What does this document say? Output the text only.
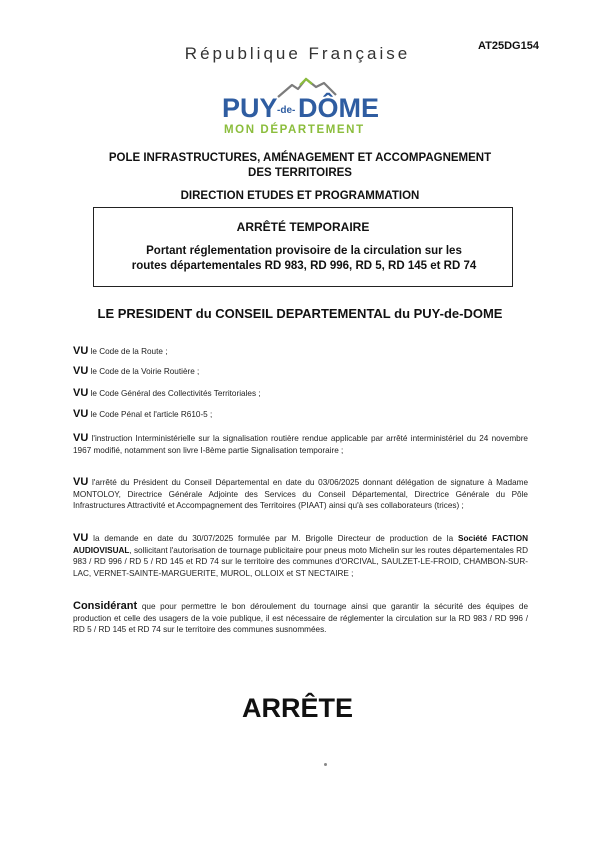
République Française	AT25DG154
PUY -de- DÔME
MON DÉPARTEMENT
POLE INFRASTRUCTURES, AMÉNAGEMENT ET ACCOMPAGNEMENT
DES TERRITOIRES
DIRECTION ETUDES ET PROGRAMMATION
ARRÊTÉ TEMPORAIRE
Portant réglementation provisoire de la circulation sur les
routes départementales RD 983, RD 996, RD 5, RD 145 et RD 74
LE PRESIDENT du CONSEIL DEPARTEMENTAL du PUY-de-DOME
VU le Code de la Route ;
VU le Code de la Voirie Routière ;
VU le Code Général des Collectivités Territoriales ;
VU le Code Pénal et l'article R610-5 ;
VU l'instruction Interministérielle sur la signalisation routière rendue applicable par arrêté interministériel du 24 novembre 1967 modifié, notamment son livre I-8ème partie Signalisation temporaire ;
VU l'arrêté du Président du Conseil Départemental en date du 03/06/2025 donnant délégation de signature à Madame MONTOLOY, Directrice Générale Adjointe des Services du Conseil Départemental, Directrice Générale du Pôle Infrastructures Attractivité et Accompagnement des Territoires (PIAAT) ainsi qu'à ses collaborateurs (trices) ;
VU la demande en date du 30/07/2025 formulée par M. Brigolle Directeur de production de la Société FACTION AUDIOVISUAL, sollicitant l'autorisation de tournage publicitaire pour pneus moto Michelin sur les routes départementales RD 983 / RD 996 / RD 5 / RD 145 et RD 74 sur le territoire des communes d'ORCIVAL, SAULZET-LE-FROID, CHAMBON-SUR-LAC, VERNET-SAINTE-MARGUERITE, MUROL, OLLOIX et ST NECTAIRE ;
Considérant que pour permettre le bon déroulement du tournage ainsi que garantir la sécurité des équipes de production et celle des usagers de la voie publique, il est nécessaire de réglementer la circulation sur la RD 983 / RD 996 / RD 5 / RD 145 et RD 74 sur le territoire des communes susnommées.
ARRÊTE
